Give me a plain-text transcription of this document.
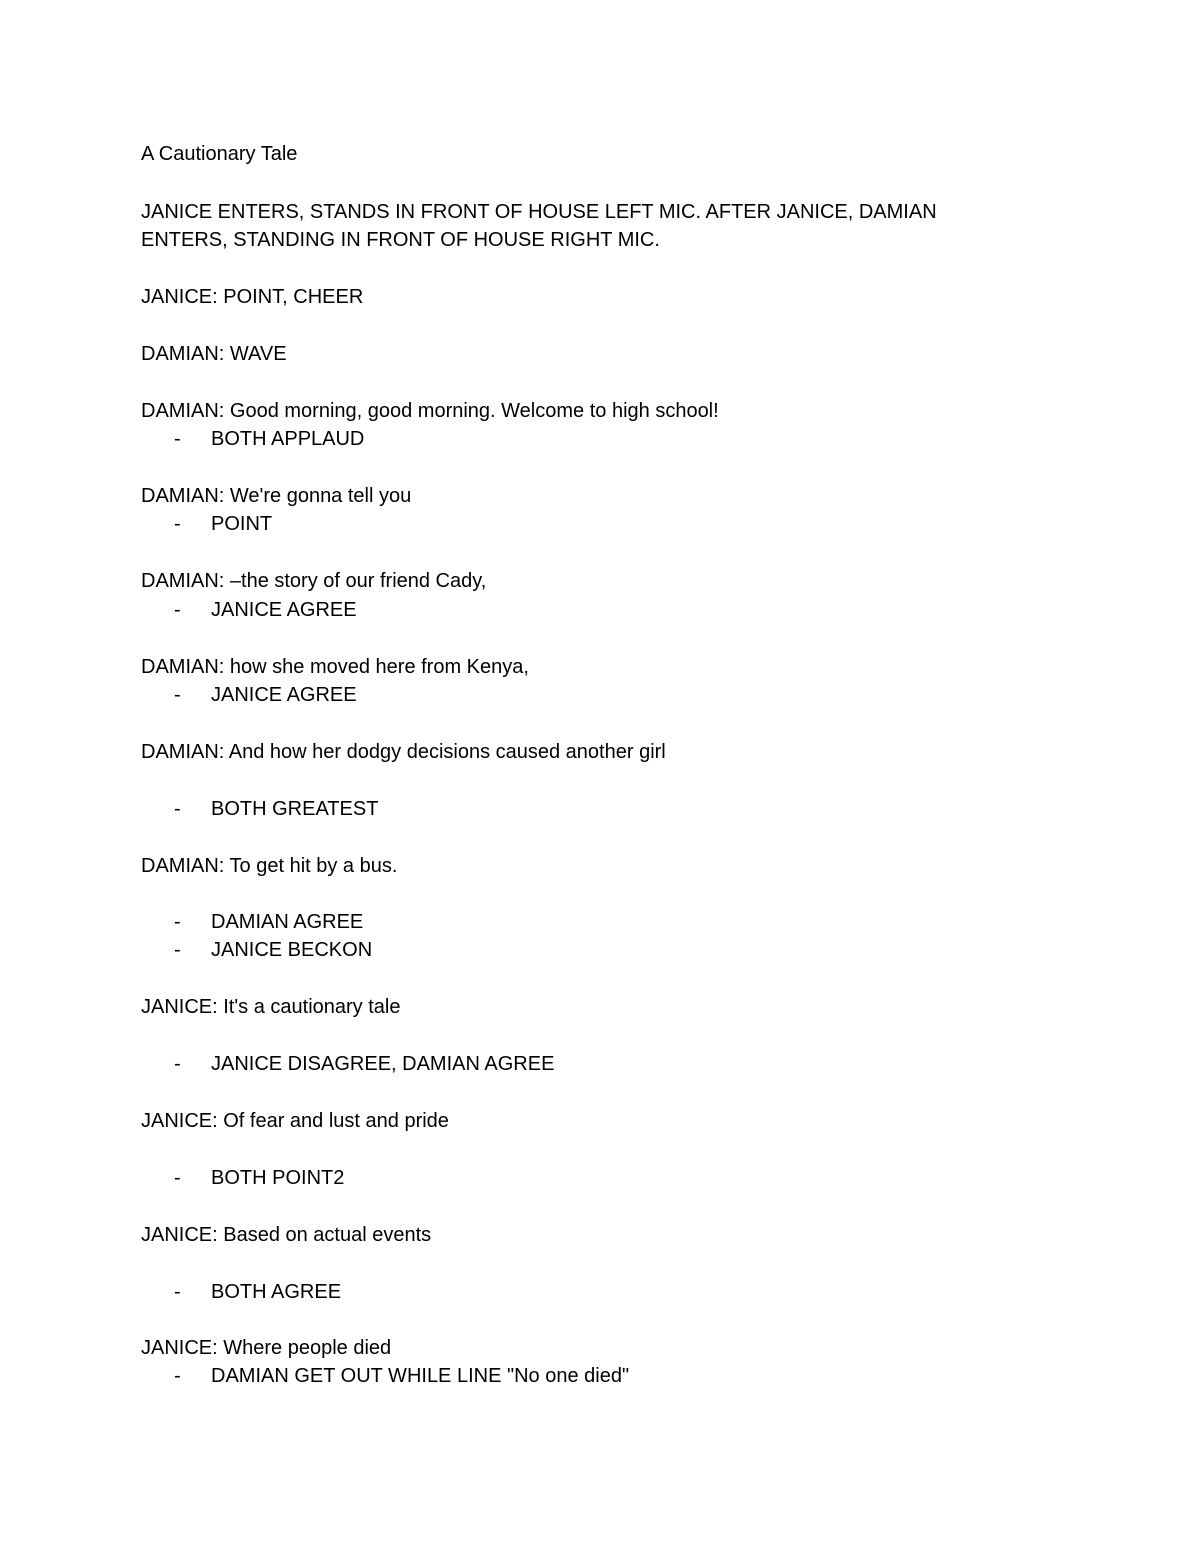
A Cautionary Tale
JANICE ENTERS, STANDS IN FRONT OF HOUSE LEFT MIC. AFTER JANICE, DAMIAN
ENTERS, STANDING IN FRONT OF HOUSE RIGHT MIC.
JANICE: POINT, CHEER
DAMIAN: WAVE
DAMIAN: Good morning, good morning. Welcome to high school!
- BOTH APPLAUD
DAMIAN: We're gonna tell you
- POINT
DAMIAN: –the story of our friend Cady,
- JANICE AGREE
DAMIAN: how she moved here from Kenya,
- JANICE AGREE
DAMIAN: And how her dodgy decisions caused another girl
- BOTH GREATEST
DAMIAN: To get hit by a bus.
- DAMIAN AGREE
- JANICE BECKON
JANICE: It's a cautionary tale
- JANICE DISAGREE, DAMIAN AGREE
JANICE: Of fear and lust and pride
- BOTH POINT2
JANICE: Based on actual events
- BOTH AGREE
JANICE: Where people died
- DAMIAN GET OUT WHILE LINE "No one died"
